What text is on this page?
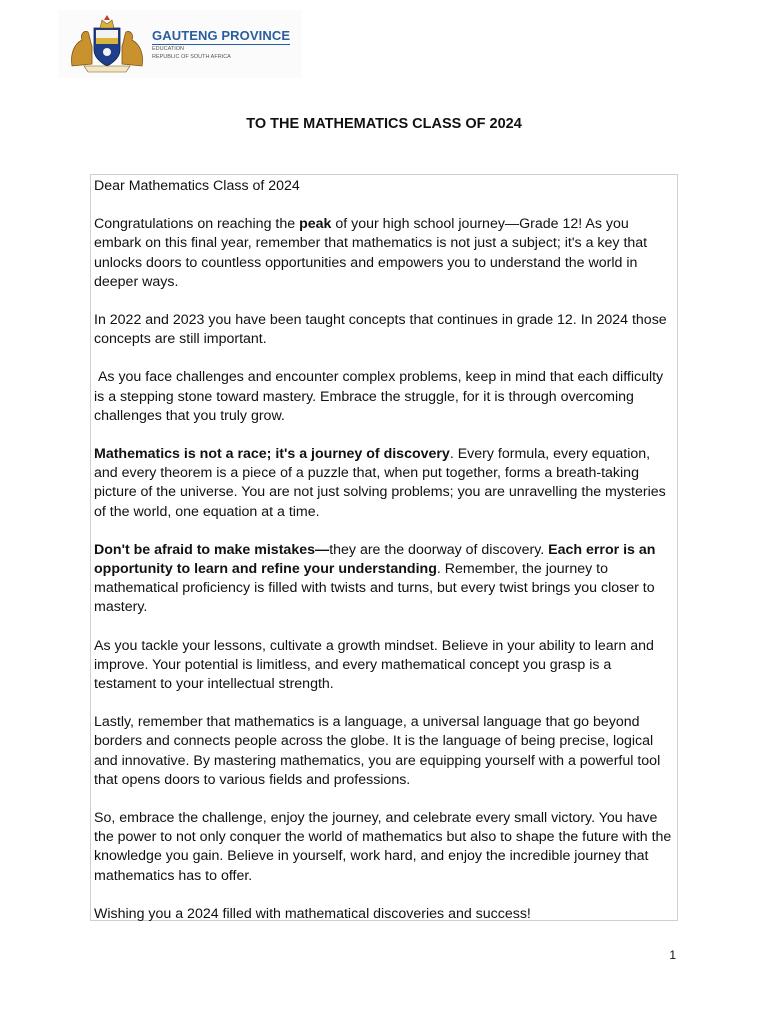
GAUTENG PROVINCE
EDUCATION
REPUBLIC OF SOUTH AFRICA
TO THE MATHEMATICS CLASS OF 2024

Dear Mathematics Class of 2024

Congratulations on reaching the peak of your high school journey—Grade 12! As you embark on this final year, remember that mathematics is not just a subject; it's a key that unlocks doors to countless opportunities and empowers you to understand the world in deeper ways.

In 2022 and 2023 you have been taught concepts that continues in grade 12. In 2024 those concepts are still important.

As you face challenges and encounter complex problems, keep in mind that each difficulty is a stepping stone toward mastery. Embrace the struggle, for it is through overcoming challenges that you truly grow.

Mathematics is not a race; it's a journey of discovery. Every formula, every equation, and every theorem is a piece of a puzzle that, when put together, forms a breath-taking picture of the universe. You are not just solving problems; you are unravelling the mysteries of the world, one equation at a time.

Don't be afraid to make mistakes—they are the doorway of discovery. Each error is an opportunity to learn and refine your understanding. Remember, the journey to mathematical proficiency is filled with twists and turns, but every twist brings you closer to mastery.

As you tackle your lessons, cultivate a growth mindset. Believe in your ability to learn and improve. Your potential is limitless, and every mathematical concept you grasp is a testament to your intellectual strength.

Lastly, remember that mathematics is a language, a universal language that go beyond borders and connects people across the globe. It is the language of being precise, logical and innovative. By mastering mathematics, you are equipping yourself with a powerful tool that opens doors to various fields and professions.

So, embrace the challenge, enjoy the journey, and celebrate every small victory. You have the power to not only conquer the world of mathematics but also to shape the future with the knowledge you gain. Believe in yourself, work hard, and enjoy the incredible journey that mathematics has to offer.

Wishing you a 2024 filled with mathematical discoveries and success!

1
